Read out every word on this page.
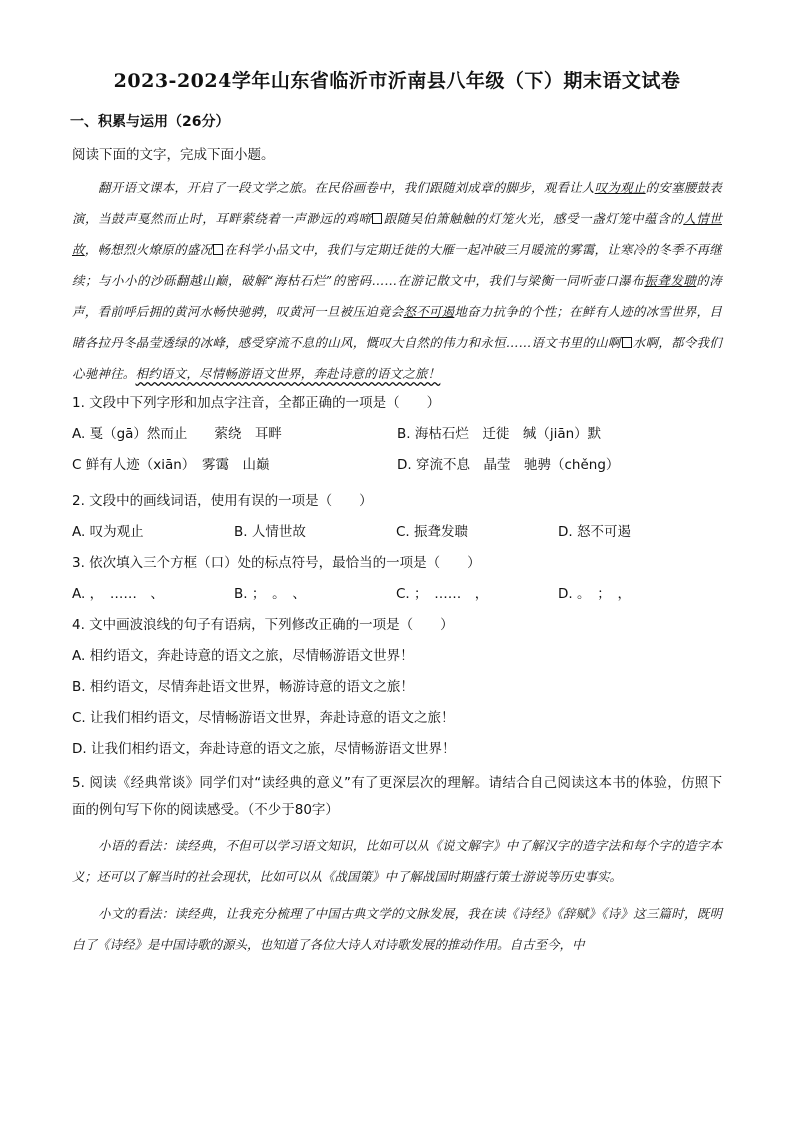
2023-2024学年山东省临沂市沂南县八年级（下）期末语文试卷
一、积累与运用（26分）
阅读下面的文字，完成下面小题。

翻开语文课本，开启了一段文学之旅。在民俗画卷中，我们跟随刘成章的脚步，观看让人叹为观止的安塞腰鼓表演，当鼓声戛然而止时，耳畔萦绕着一声渺远的鸡啼 跟随吴伯箫触触的灯笼火光，感受一盏灯笼中蕴含的人情世故，畅想烈火燎原的盛况 在科学小品文中，我们与定期迁徙的大雁一起冲破三月暖流的雾霭，让寒冷的冬季不再继续；与小小的沙砾翻越山巅，破解“海枯石烂”的密码……在游记散文中，我们与梁衡一同听壶口瀑布振聋发聩的涛声，看前呼后拥的黄河水畅快驰骋，叹黄河一旦被压迫竟会怒不可遏地奋力抗争的个性；在鲜有人迹的冰雪世界，目睹各拉丹冬晶莹透绿的冰峰，感受穿流不息的山风，慨叹大自然的伟力和永恒……语文书里的山啊 水啊，都令我们心驰神往。相约语文，尽情畅游语文世界，奔赴诗意的语文之旅！

1. 文段中下列字形和加点字注音，全都正确的一项是（　　）
A. 戛（gā）然而止　　萦绕　耳畔	B. 海枯石烂　迁徙　缄（jiān）默
C 鲜有人迹（xiān）　雾霭　山巅	D. 穿流不息　晶莹　驰骋（chěng）
2. 文段中的画线词语，使用有误的一项是（　　）
A. 叹为观止	B. 人情世故	C. 振聋发聩	D. 怒不可遏
3. 依次填入三个方框（口）处的标点符号，最恰当的一项是（　　）
A. ，　……　、	B. ；　。　、	C. ；　……　，	D. 。　；　，
4. 文中画波浪线的句子有语病，下列修改正确的一项是（　　）
A. 相约语文，奔赴诗意的语文之旅，尽情畅游语文世界！
B. 相约语文，尽情奔赴语文世界，畅游诗意的语文之旅！
C. 让我们相约语文，尽情畅游语文世界，奔赴诗意的语文之旅！
D. 让我们相约语文，奔赴诗意的语文之旅，尽情畅游语文世界！
5. 阅读《经典常谈》同学们对“读经典的意义”有了更深层次的理解。请结合自己阅读这本书的体验，仿照下面的例句写下你的阅读感受。（不少于80字）

小语的看法：读经典，不但可以学习语文知识，比如可以从《说文解字》中了解汉字的造字法和每个字的造字本义；还可以了解当时的社会现状，比如可以从《战国策》中了解战国时期盛行策士游说等历史事实。

小文的看法：读经典，让我充分梳理了中国古典文学的文脉发展，我在读《诗经》《辞赋》《诗》这三篇时，既明白了《诗经》是中国诗歌的源头，也知道了各位大诗人对诗歌发展的推动作用。自古至今，中
